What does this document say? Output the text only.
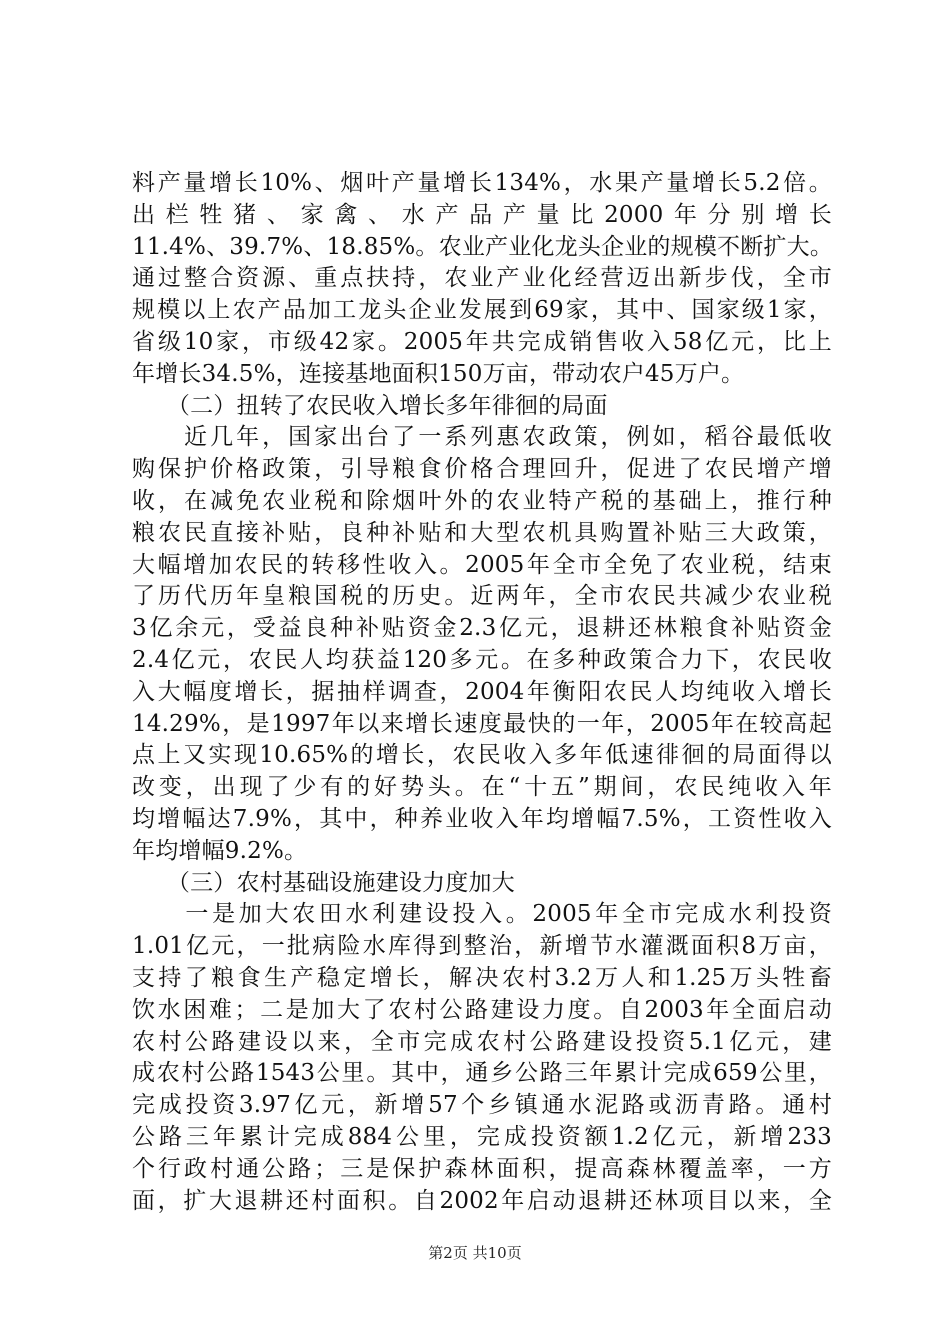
料产量增长10%、烟叶产量增长134%，水果产量增长5.2倍。
出栏牲猪、家禽、水产品产量比2000年分别增长
11.4%、39.7%、18.85%。农业产业化龙头企业的规模不断扩大。
通过整合资源、重点扶持，农业产业化经营迈出新步伐，全市
规模以上农产品加工龙头企业发展到69家，其中、国家级1家，
省级10家，市级42家。2005年共完成销售收入58亿元，比上
年增长34.5%，连接基地面积150万亩，带动农户45万户。
　　（二）扭转了农民收入增长多年徘徊的局面
　　近几年，国家出台了一系列惠农政策，例如，稻谷最低收
购保护价格政策，引导粮食价格合理回升，促进了农民增产增
收，在减免农业税和除烟叶外的农业特产税的基础上，推行种
粮农民直接补贴，良种补贴和大型农机具购置补贴三大政策，
大幅增加农民的转移性收入。2005年全市全免了农业税，结束
了历代历年皇粮国税的历史。近两年，全市农民共减少农业税
3亿余元，受益良种补贴资金2.3亿元，退耕还林粮食补贴资金
2.4亿元，农民人均获益120多元。在多种政策合力下，农民收
入大幅度增长，据抽样调查，2004年衡阳农民人均纯收入增长
14.29%，是1997年以来增长速度最快的一年，2005年在较高起
点上又实现10.65%的增长，农民收入多年低速徘徊的局面得以
改变，出现了少有的好势头。在“十五”期间，农民纯收入年
均增幅达7.9%，其中，种养业收入年均增幅7.5%，工资性收入
年均增幅9.2%。
　　（三）农村基础设施建设力度加大
　　一是加大农田水利建设投入。2005年全市完成水利投资
1.01亿元，一批病险水库得到整治，新增节水灌溉面积8万亩，
支持了粮食生产稳定增长，解决农村3.2万人和1.25万头牲畜
饮水困难；二是加大了农村公路建设力度。自2003年全面启动
农村公路建设以来，全市完成农村公路建设投资5.1亿元，建
成农村公路1543公里。其中，通乡公路三年累计完成659公里，
完成投资3.97亿元，新增57个乡镇通水泥路或沥青路。通村
公路三年累计完成884公里，完成投资额1.2亿元，新增233
个行政村通公路；三是保护森林面积，提高森林覆盖率，一方
面，扩大退耕还村面积。自2002年启动退耕还林项目以来，全
第2页 共10页
